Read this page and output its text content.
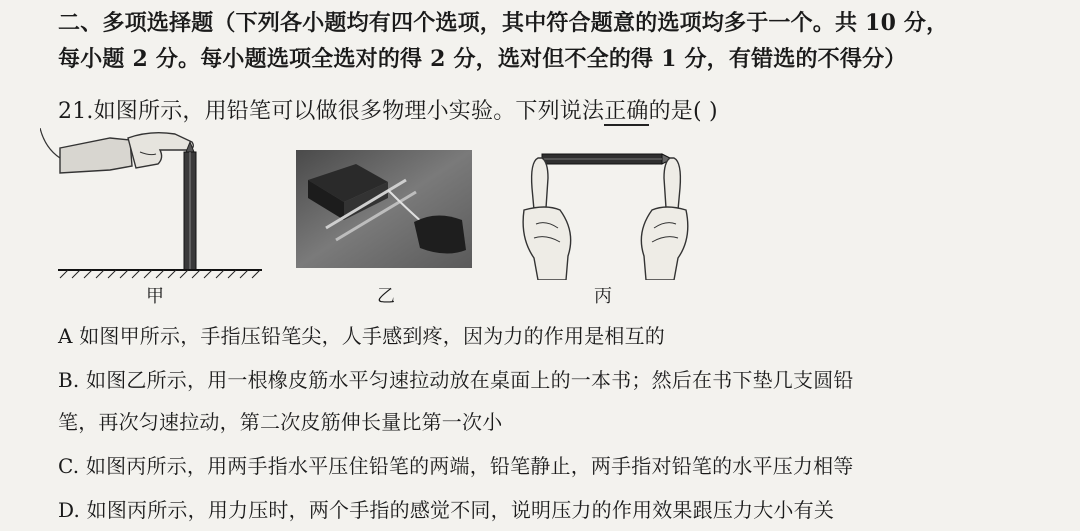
二、多项选择题（下列各小题均有四个选项，其中符合题意的选项均多于一个。共 10 分，
每小题 2 分。每小题选项全选对的得 2 分，选对但不全的得 1 分，有错选的不得分）
21.如图所示，用铅笔可以做很多物理小实验。下列说法正确的是( )
甲	乙	丙
A 如图甲所示，手指压铅笔尖，人手感到疼，因为力的作用是相互的
B. 如图乙所示，用一根橡皮筋水平匀速拉动放在桌面上的一本书；然后在书下垫几支圆铅
笔，再次匀速拉动，第二次皮筋伸长量比第一次小
C. 如图丙所示，用两手指水平压住铅笔的两端，铅笔静止，两手指对铅笔的水平压力相等
D. 如图丙所示，用力压时，两个手指的感觉不同，说明压力的作用效果跟压力大小有关
